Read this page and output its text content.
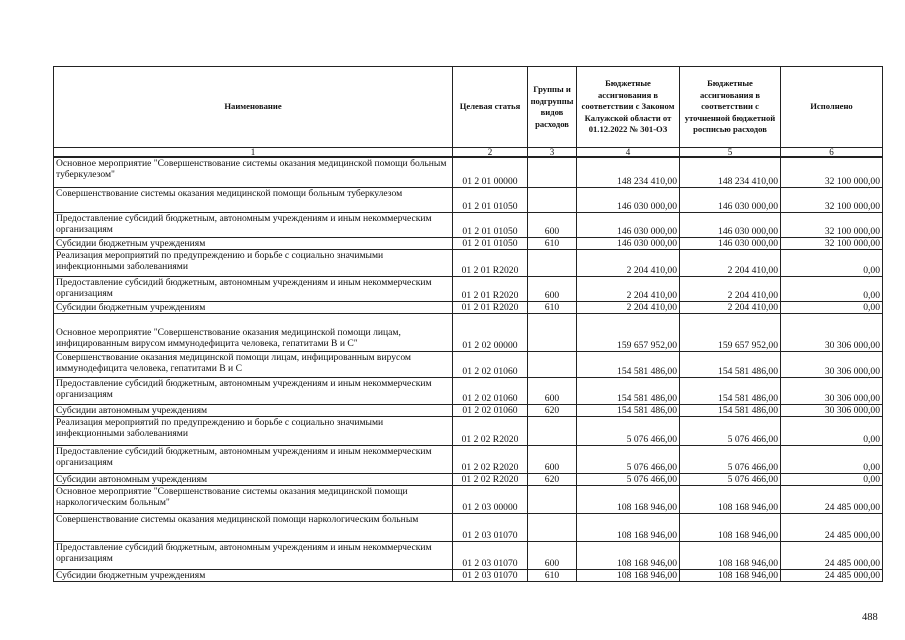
Наименование	Целевая статья	Группы и подгруппы видов расходов	Бюджетные ассигнования в соответствии с Законом Калужской области от 01.12.2022 № 301-ОЗ	Бюджетные ассигнования в соответствии с уточненной бюджетной росписью расходов	Исполнено
1	2	3	4	5	6
Основное мероприятие "Совершенствование системы оказания медицинской помощи больным туберкулезом"	01 2 01 00000		148 234 410,00	148 234 410,00	32 100 000,00
Совершенствование системы оказания медицинской помощи больным туберкулезом	01 2 01 01050		146 030 000,00	146 030 000,00	32 100 000,00
Предоставление субсидий бюджетным, автономным учреждениям и иным некоммерческим организациям	01 2 01 01050	600	146 030 000,00	146 030 000,00	32 100 000,00
Субсидии бюджетным учреждениям	01 2 01 01050	610	146 030 000,00	146 030 000,00	32 100 000,00
Реализация мероприятий по предупреждению и борьбе с социально значимыми инфекционными заболеваниями	01 2 01 R2020		2 204 410,00	2 204 410,00	0,00
Предоставление субсидий бюджетным, автономным учреждениям и иным некоммерческим организациям	01 2 01 R2020	600	2 204 410,00	2 204 410,00	0,00
Субсидии бюджетным учреждениям	01 2 01 R2020	610	2 204 410,00	2 204 410,00	0,00
Основное мероприятие "Совершенствование оказания медицинской помощи лицам, инфицированным вирусом иммунодефицита человека, гепатитами B и C"	01 2 02 00000		159 657 952,00	159 657 952,00	30 306 000,00
Совершенствование оказания медицинской помощи лицам, инфицированным вирусом иммунодефицита человека, гепатитами B и C	01 2 02 01060		154 581 486,00	154 581 486,00	30 306 000,00
Предоставление субсидий бюджетным, автономным учреждениям и иным некоммерческим организациям	01 2 02 01060	600	154 581 486,00	154 581 486,00	30 306 000,00
Субсидии автономным учреждениям	01 2 02 01060	620	154 581 486,00	154 581 486,00	30 306 000,00
Реализация мероприятий по предупреждению и борьбе с социально значимыми инфекционными заболеваниями	01 2 02 R2020		5 076 466,00	5 076 466,00	0,00
Предоставление субсидий бюджетным, автономным учреждениям и иным некоммерческим организациям	01 2 02 R2020	600	5 076 466,00	5 076 466,00	0,00
Субсидии автономным учреждениям	01 2 02 R2020	620	5 076 466,00	5 076 466,00	0,00
Основное мероприятие "Совершенствование системы оказания медицинской помощи наркологическим больным"	01 2 03 00000		108 168 946,00	108 168 946,00	24 485 000,00
Совершенствование системы оказания медицинской помощи наркологическим больным	01 2 03 01070		108 168 946,00	108 168 946,00	24 485 000,00
Предоставление субсидий бюджетным, автономным учреждениям и иным некоммерческим организациям	01 2 03 01070	600	108 168 946,00	108 168 946,00	24 485 000,00
Субсидии бюджетным учреждениям	01 2 03 01070	610	108 168 946,00	108 168 946,00	24 485 000,00
488
